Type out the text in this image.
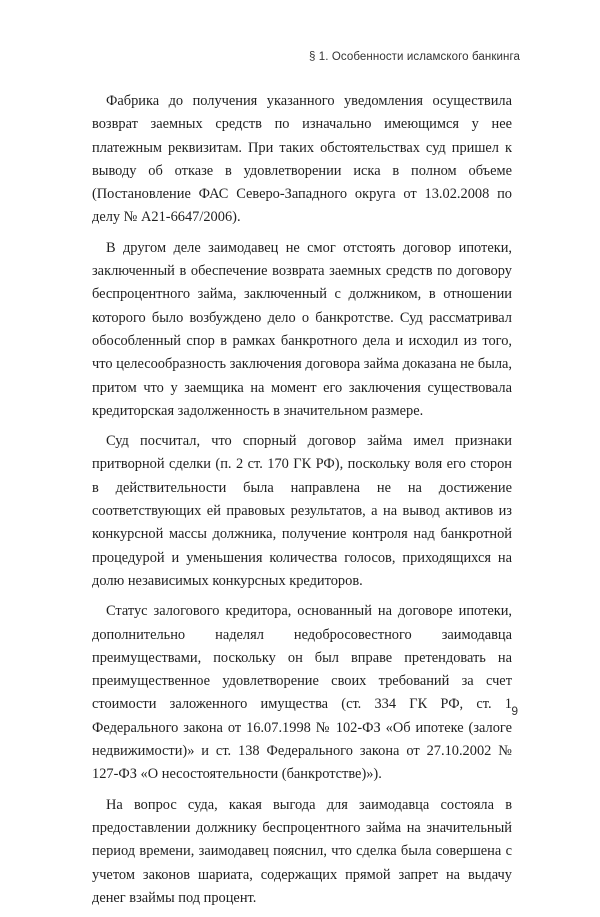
§ 1. Особенности исламского банкинга

Фабрика до получения указанного уведомления осуществила возврат заемных средств по изначально имеющимся у нее платежным реквизитам. При таких обстоятельствах суд пришел к выводу об отказе в удовлетворении иска в полном объеме (Постановление ФАС Северо-Западного округа от 13.02.2008 по делу № А21-6647/2006).

В другом деле заимодавец не смог отстоять договор ипотеки, заключенный в обеспечение возврата заемных средств по договору беспроцентного займа, заключенный с должником, в отношении которого было возбуждено дело о банкротстве. Суд рассматривал обособленный спор в рамках банкротного дела и исходил из того, что целесообразность заключения договора займа доказана не была, притом что у заемщика на момент его заключения существовала кредиторская задолженность в значительном размере.

Суд посчитал, что спорный договор займа имел признаки притворной сделки (п. 2 ст. 170 ГК РФ), поскольку воля его сторон в действительности была направлена не на достижение соответствующих ей правовых результатов, а на вывод активов из конкурсной массы должника, получение контроля над банкротной процедурой и уменьшения количества голосов, приходящихся на долю независимых конкурсных кредиторов.

Статус залогового кредитора, основанный на договоре ипотеки, дополнительно наделял недобросовестного заимодавца преимуществами, поскольку он был вправе претендовать на преимущественное удовлетворение своих требований за счет стоимости заложенного имущества (ст. 334 ГК РФ, ст. 1 Федерального закона от 16.07.1998 № 102-ФЗ «Об ипотеке (залоге недвижимости)» и ст. 138 Федерального закона от 27.10.2002 № 127-ФЗ «О несостоятельности (банкротстве)»).

На вопрос суда, какая выгода для заимодавца состояла в предоставлении должнику беспроцентного займа на значительный период времени, заимодавец пояснил, что сделка была совершена с учетом законов шариата, содержащих прямой запрет на выдачу денег взаймы под процент.

9
